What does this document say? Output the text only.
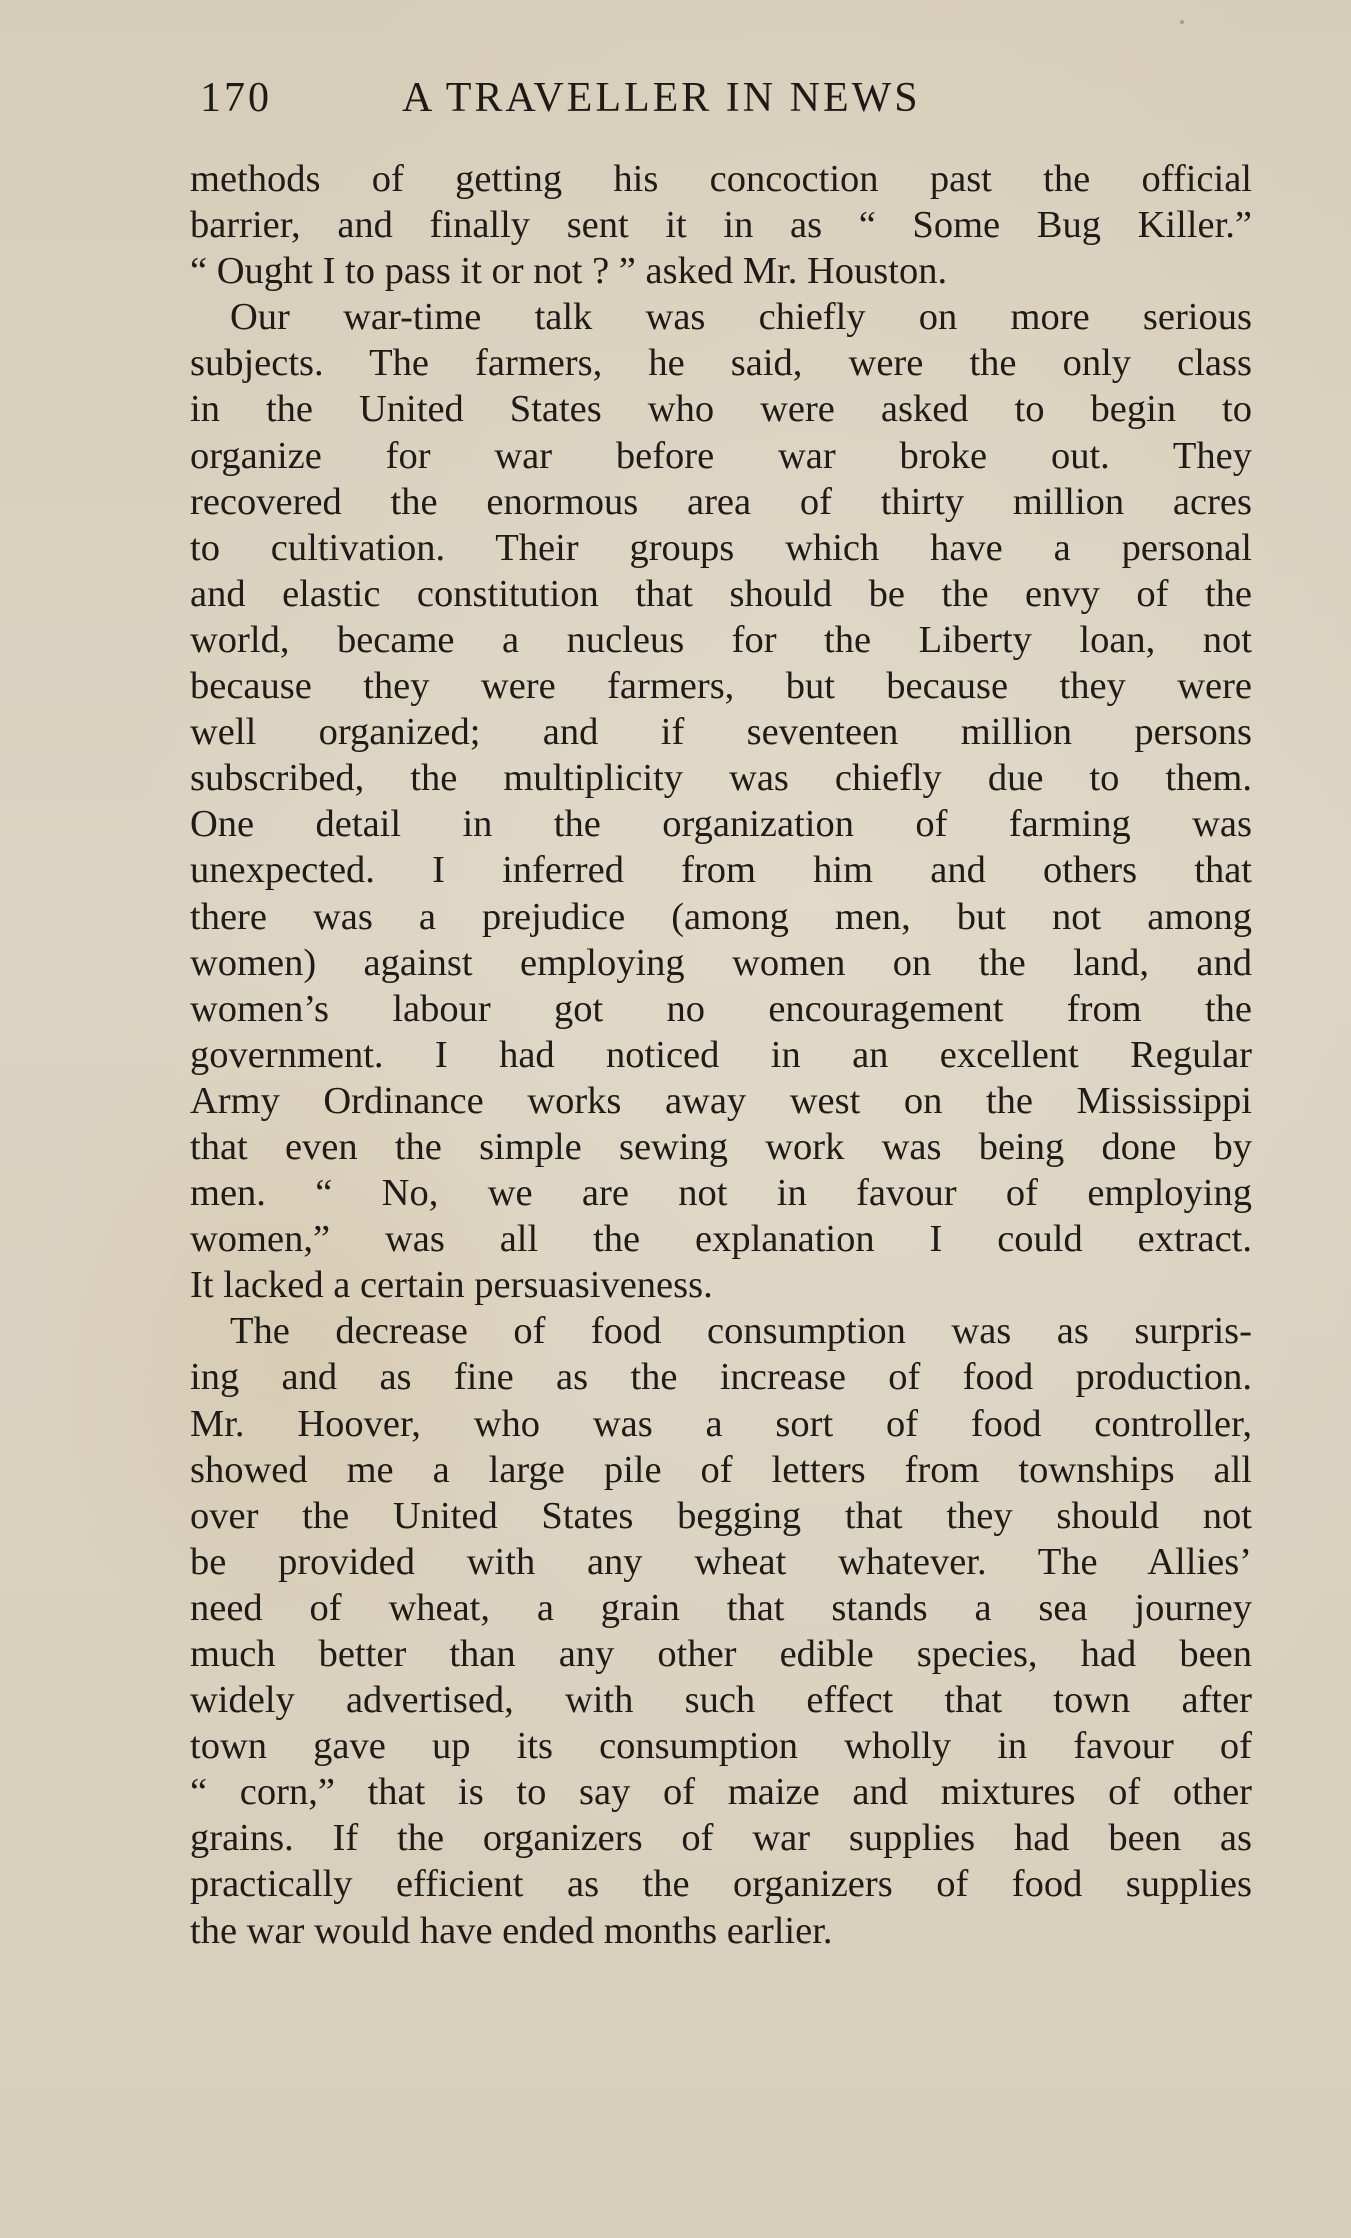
170	A TRAVELLER IN NEWS

methods of getting his concoction past the official

barrier, and finally sent it in as “ Some Bug Killer.”

“ Ought I to pass it or not ? ” asked Mr. Houston.

Our war-time talk was chiefly on more serious

subjects. The farmers, he said, were the only class

in the United States who were asked to begin to

organize for war before war broke out. They

recovered the enormous area of thirty million acres

to cultivation. Their groups which have a personal

and elastic constitution that should be the envy of the

world, became a nucleus for the Liberty loan, not

because they were farmers, but because they were

well organized; and if seventeen million persons

subscribed, the multiplicity was chiefly due to them.

One detail in the organization of farming was

unexpected. I inferred from him and others that

there was a prejudice (among men, but not among

women) against employing women on the land, and

women’s labour got no encouragement from the

government. I had noticed in an excellent Regular

Army Ordinance works away west on the Mississippi

that even the simple sewing work was being done by

men. “ No, we are not in favour of employing

women,” was all the explanation I could extract.

It lacked a certain persuasiveness.

The decrease of food consumption was as surpris-

ing and as fine as the increase of food production.

Mr. Hoover, who was a sort of food controller,

showed me a large pile of letters from townships all

over the United States begging that they should not

be provided with any wheat whatever. The Allies’

need of wheat, a grain that stands a sea journey

much better than any other edible species, had been

widely advertised, with such effect that town after

town gave up its consumption wholly in favour of

“ corn,” that is to say of maize and mixtures of other

grains. If the organizers of war supplies had been as

practically efficient as the organizers of food supplies

the war would have ended months earlier.
